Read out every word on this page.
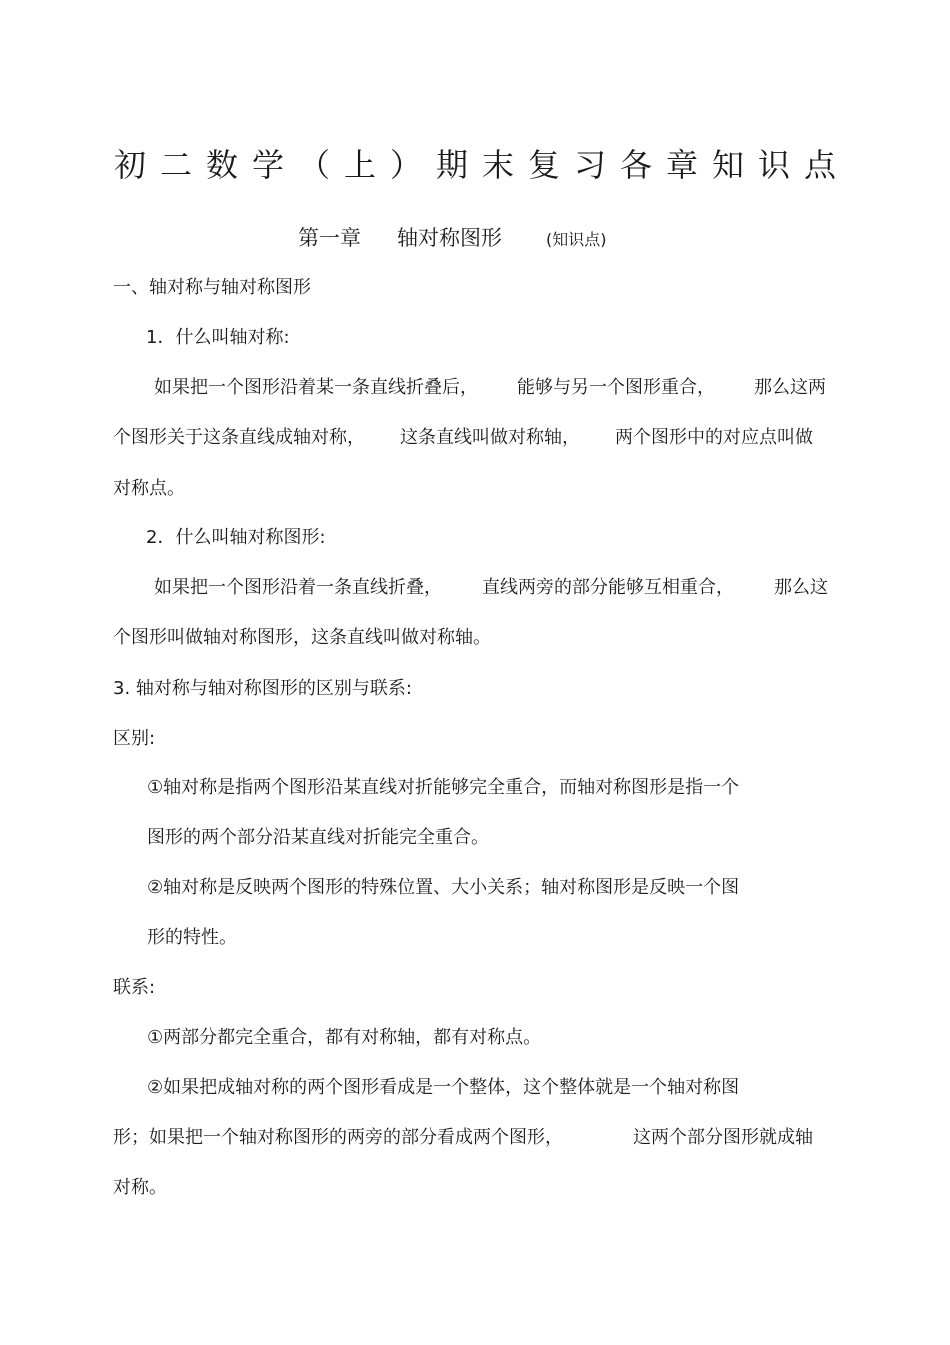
初二数学（上）期末复习各章知识点
第一章 轴对称图形	(知识点)
一、轴对称与轴对称图形
1．什么叫轴对称:
如果把一个图形沿着某一条直线折叠后， 能够与另一个图形重合， 那么这两
个图形关于这条直线成轴对称， 这条直线叫做对称轴， 两个图形中的对应点叫做
对称点。
2．什么叫轴对称图形:
如果把一个图形沿着一条直线折叠， 直线两旁的部分能够互相重合， 那么这
个图形叫做轴对称图形，这条直线叫做对称轴。
3. 轴对称与轴对称图形的区别与联系:
区别:
①轴对称是指两个图形沿某直线对折能够完全重合，而轴对称图形是指一个
图形的两个部分沿某直线对折能完全重合。
②轴对称是反映两个图形的特殊位置、大小关系；轴对称图形是反映一个图
形的特性。
联系:
①两部分都完全重合，都有对称轴，都有对称点。
②如果把成轴对称的两个图形看成是一个整体，这个整体就是一个轴对称图
形；如果把一个轴对称图形的两旁的部分看成两个图形，	这两个部分图形就成轴
对称。
